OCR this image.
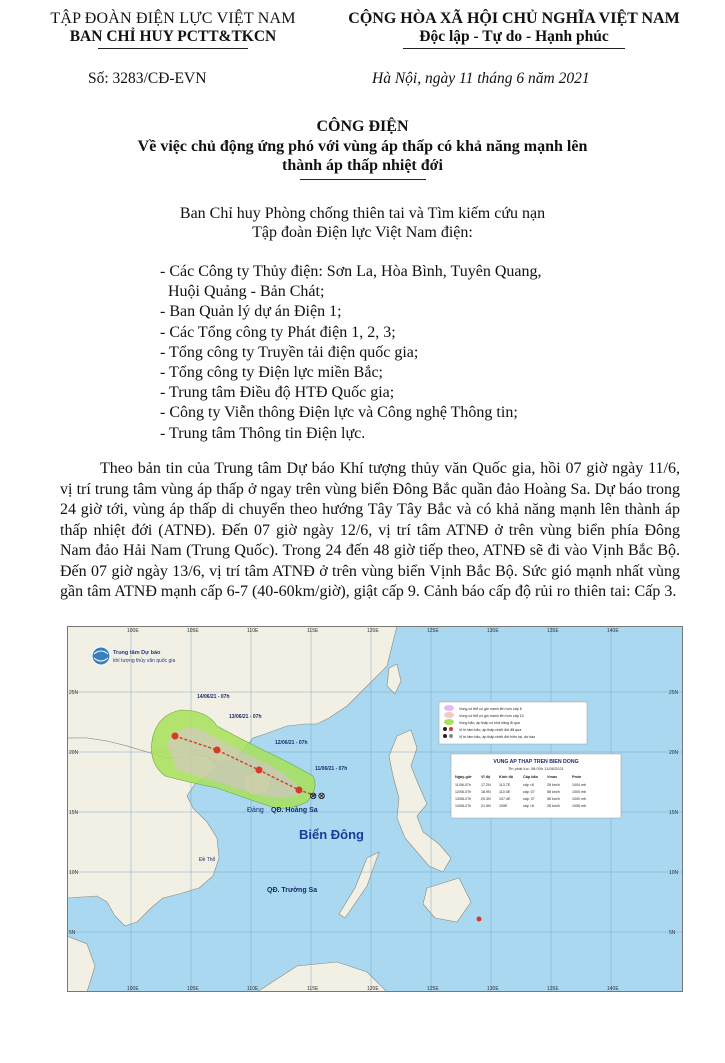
TẬP ĐOÀN ĐIỆN LỰC VIỆT NAM
BAN CHỈ HUY PCTT&TKCN
CỘNG HÒA XÃ HỘI CHỦ NGHĨA VIỆT NAM
Độc lập - Tự do - Hạnh phúc
Số: 3283/CĐ-EVN	Hà Nội, ngày 11 tháng 6 năm 2021
CÔNG ĐIỆN
Về việc chủ động ứng phó với vùng áp thấp có khả năng mạnh lên
thành áp thấp nhiệt đới
Ban Chỉ huy Phòng chống thiên tai và Tìm kiếm cứu nạn
Tập đoàn Điện lực Việt Nam điện:
- Các Công ty Thủy điện: Sơn La, Hòa Bình, Tuyên Quang,
Huội Quảng - Bản Chát;
- Ban Quản lý dự án Điện 1;
- Các Tổng công ty Phát điện 1, 2, 3;
- Tổng công ty Truyền tải điện quốc gia;
- Tổng công ty Điện lực miền Bắc;
- Trung tâm Điều độ HTĐ Quốc gia;
- Công ty Viễn thông Điện lực và Công nghệ Thông tin;
- Trung tâm Thông tin Điện lực.
Theo bản tin của Trung tâm Dự báo Khí tượng thủy văn Quốc gia, hồi 07 giờ ngày 11/6, vị trí trung tâm vùng áp thấp ở ngay trên vùng biển Đông Bắc quần đảo Hoàng Sa. Dự báo trong 24 giờ tới, vùng áp thấp di chuyển theo hướng Tây Tây Bắc và có khả năng mạnh lên thành áp thấp nhiệt đới (ATNĐ). Đến 07 giờ ngày 12/6, vị trí tâm ATNĐ ở trên vùng biển phía Đông Nam đảo Hải Nam (Trung Quốc). Trong 24 đến 48 giờ tiếp theo, ATNĐ sẽ đi vào Vịnh Bắc Bộ. Đến 07 giờ ngày 13/6, vị trí tâm ATNĐ ở trên vùng biển Vịnh Bắc Bộ. Sức gió mạnh nhất vùng gần tâm ATNĐ mạnh cấp 6-7 (40-60km/giờ), giật cấp 9. Cảnh báo cấp độ rủi ro thiên tai: Cấp 3.
100E	105E	110E	115E	120E	125E	130E	135E	140E
100E	105E	110E	115E	120E	125E	130E	135E	140E
25N
20N
15N
10N
5N
25N
20N
15N
10N
5N
Trung tâm Dự báo
khí tượng thủy văn quốc gia
⊗⊗
14/06/21 - 07h
13/06/21 - 07h
12/06/21 - 07h
11/06/21 - 07h
Đảng QĐ. Hoàng Sa
Biển Đông
Đề Thổ
QĐ. Trường Sa
Vùng có thể có gió mạnh lên hơn cấp 6
Vùng có thể có gió mạnh lên hơn cấp 10
Vùng bão, áp thấp có khả năng đi qua
Vị trí tâm bão, áp thấp nhiệt đới đã qua
Vị trí tâm bão, áp thấp nhiệt đới hiện tại, dự báo
VUNG AP THAP TREN BIEN DONG
Tin phát lúc: 08:00h 11/06/2021
Ngày-giờ Vĩ độ Kinh độ	Cấp bão Vmax	Pmin
11/06-07h	17.2N 113.7E	cấp <6	28 km/h	1004 mb
12/06-07h	18.9N 110.0E	cấp: 07	56 km/h	1000 mb
13/06-07h	20.3N 107.4E	cấp: 07	56 km/h	1000 mb
14/06-07h	21.5N 105E	cấp <6	28 km/h	1006 mb
